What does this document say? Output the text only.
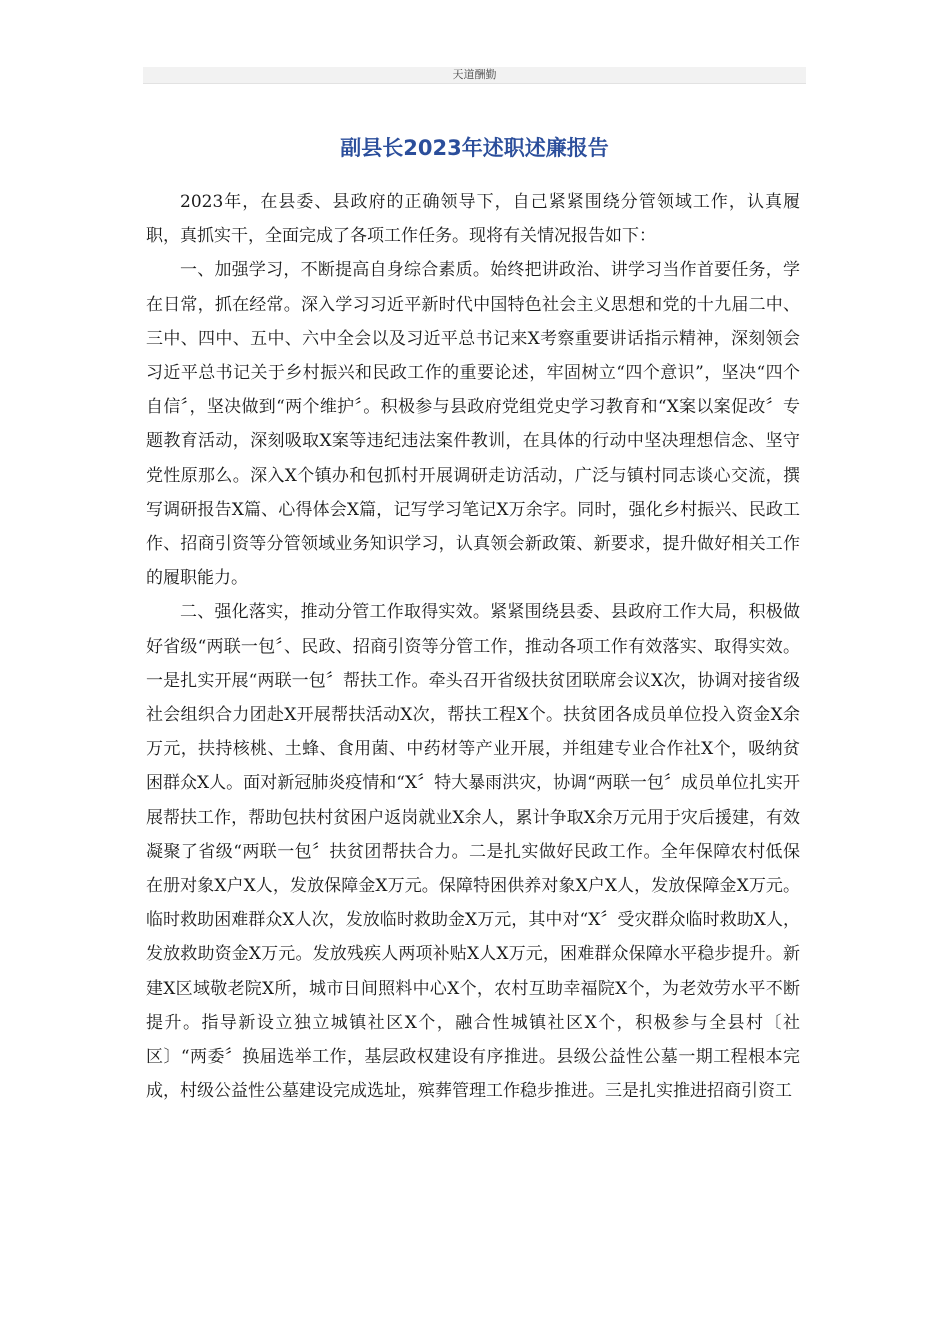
天道酬勤
副县长2023年述职述廉报告

2023年，在县委、县政府的正确领导下，自己紧紧围绕分管领域工作，认真履职，真抓实干，全面完成了各项工作任务。现将有关情况报告如下：

一、加强学习，不断提高自身综合素质。始终把讲政治、讲学习当作首要任务，学在日常，抓在经常。深入学习习近平新时代中国特色社会主义思想和党的十九届二中、三中、四中、五中、六中全会以及习近平总书记来X考察重要讲话指示精神，深刻领会习近平总书记关于乡村振兴和民政工作的重要论述，牢固树立“四个意识”，坚决“四个自信〞，坚决做到“两个维护〞。积极参与县政府党组党史学习教育和“X案以案促改〞专题教育活动，深刻吸取X案等违纪违法案件教训，在具体的行动中坚决理想信念、坚守党性原那么。深入X个镇办和包抓村开展调研走访活动，广泛与镇村同志谈心交流，撰写调研报告X篇、心得体会X篇，记写学习笔记X万余字。同时，强化乡村振兴、民政工作、招商引资等分管领域业务知识学习，认真领会新政策、新要求，提升做好相关工作的履职能力。

二、强化落实，推动分管工作取得实效。紧紧围绕县委、县政府工作大局，积极做好省级“两联一包〞、民政、招商引资等分管工作，推动各项工作有效落实、取得实效。一是扎实开展“两联一包〞帮扶工作。牵头召开省级扶贫团联席会议X次，协调对接省级社会组织合力团赴X开展帮扶活动X次，帮扶工程X个。扶贫团各成员单位投入资金X余万元，扶持核桃、土蜂、食用菌、中药材等产业开展，并组建专业合作社X个，吸纳贫困群众X人。面对新冠肺炎疫情和“X〞特大暴雨洪灾，协调“两联一包〞成员单位扎实开展帮扶工作，帮助包扶村贫困户返岗就业X余人，累计争取X余万元用于灾后援建，有效凝聚了省级“两联一包〞扶贫团帮扶合力。二是扎实做好民政工作。全年保障农村低保在册对象X户X人，发放保障金X万元。保障特困供养对象X户X人，发放保障金X万元。临时救助困难群众X人次，发放临时救助金X万元，其中对“X〞受灾群众临时救助X人，发放救助资金X万元。发放残疾人两项补贴X人X万元，困难群众保障水平稳步提升。新建X区域敬老院X所，城市日间照料中心X个，农村互助幸福院X个，为老效劳水平不断提升。指导新设立独立城镇社区X个，融合性城镇社区X个，积极参与全县村〔社区〕“两委〞换届选举工作，基层政权建设有序推进。县级公益性公墓一期工程根本完成，村级公益性公墓建设完成选址，殡葬管理工作稳步推进。三是扎实推进招商引资工
